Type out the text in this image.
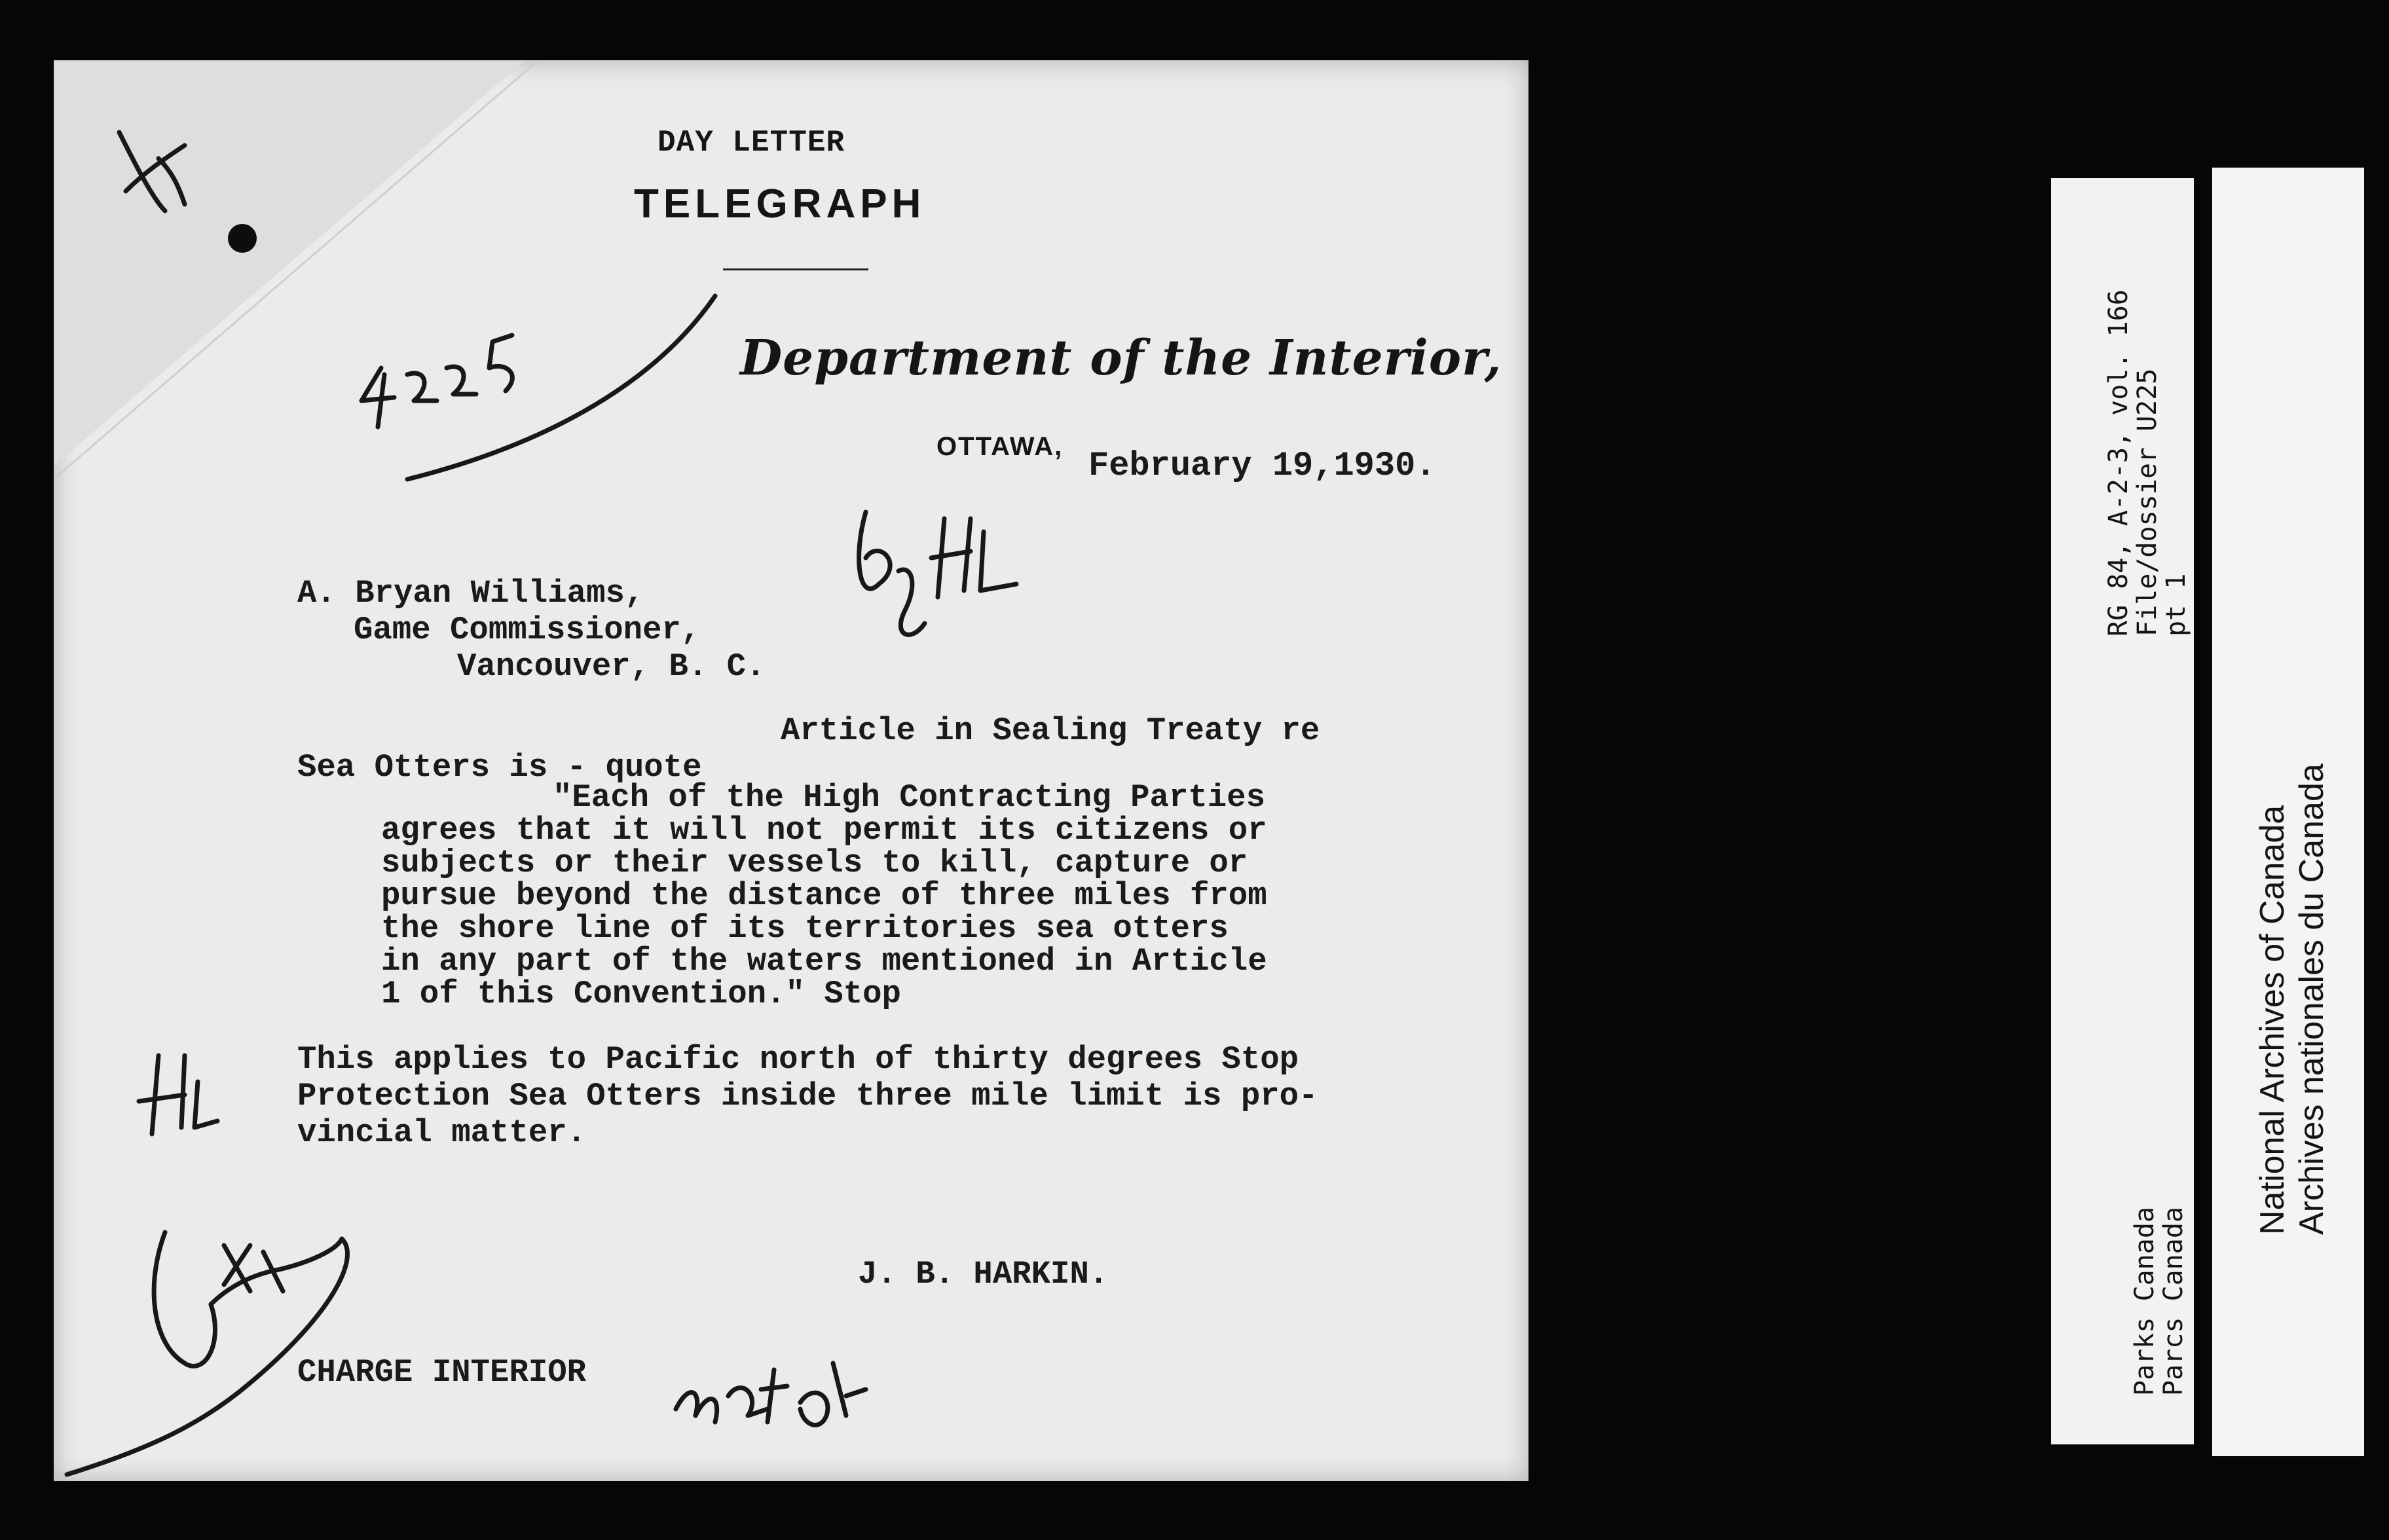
DAY LETTER
TELEGRAPH
Department of the Interior,
OTTAWA, February 19,1930.
A. Bryan Williams,
Game Commissioner,
Vancouver, B. C.
Article in Sealing Treaty re
Sea Otters is - quote
"Each of the High Contracting Parties
agrees that it will not permit its citizens or
subjects or their vessels to kill, capture or
pursue beyond the distance of three miles from
the shore line of its territories sea otters
in any part of the waters mentioned in Article
1 of this Convention." Stop
This applies to Pacific north of thirty degrees Stop
Protection Sea Otters inside three mile limit is pro-
vincial matter.
J. B. HARKIN.
CHARGE INTERIOR
RG 84, A-2-3, vol. 166
File/dossier U225
pt 1
Parks Canada
Parcs Canada
National Archives of Canada Archives nationales du Canada
